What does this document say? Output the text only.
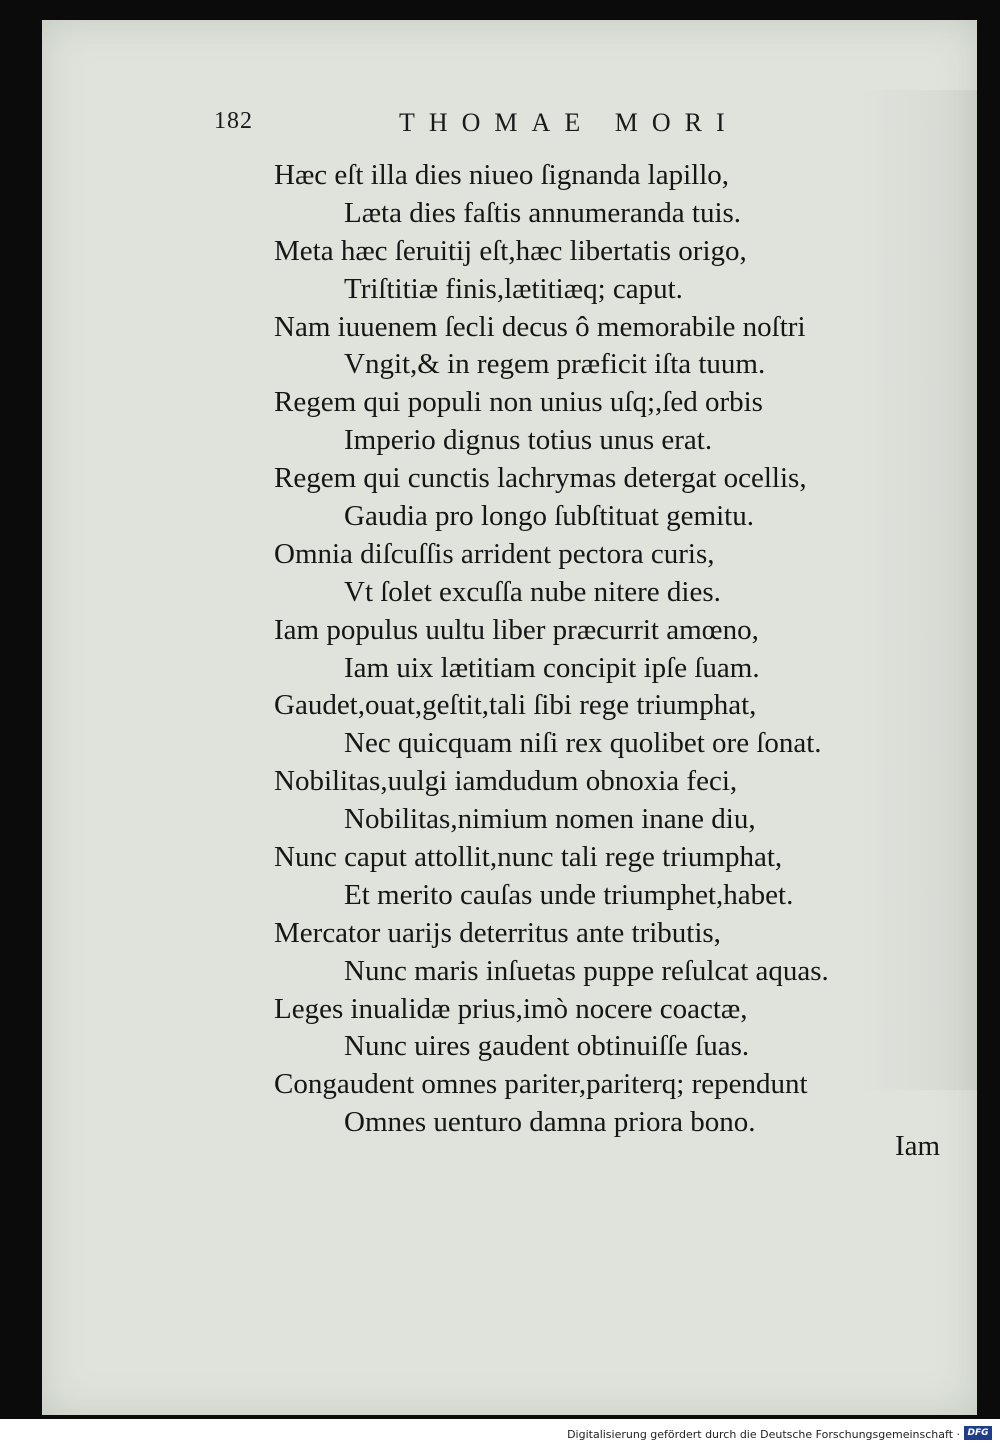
182	THOMAE MORI
Hæc eſt illa dies niueo ſignanda lapillo,
Læta dies faſtis annumeranda tuis.
Meta hæc ſeruitij eſt,hæc libertatis origo,
Triſtitiæ finis,lætitiæq; caput.
Nam iuuenem ſecli decus ô memorabile noſtri
Vngit,& in regem præficit iſta tuum.
Regem qui populi non unius uſq;,ſed orbis
Imperio dignus totius unus erat.
Regem qui cunctis lachrymas detergat ocellis,
Gaudia pro longo ſubſtituat gemitu.
Omnia diſcuſſis arrident pectora curis,
Vt ſolet excuſſa nube nitere dies.
Iam populus uultu liber præcurrit amœno,
Iam uix lætitiam concipit ipſe ſuam.
Gaudet,ouat,geſtit,tali ſibi rege triumphat,
Nec quicquam niſi rex quolibet ore ſonat.
Nobilitas,uulgi iamdudum obnoxia feci,
Nobilitas,nimium nomen inane diu,
Nunc caput attollit,nunc tali rege triumphat,
Et merito cauſas unde triumphet,habet.
Mercator uarijs deterritus ante tributis,
Nunc maris inſuetas puppe reſulcat aquas.
Leges inualidæ prius,imò nocere coactæ,
Nunc uires gaudent obtinuiſſe ſuas.
Congaudent omnes pariter,pariterq; rependunt
Omnes uenturo damna priora bono.
Iam
Digitalisierung gefördert durch die Deutsche Forschungsgemeinschaft · DFG
